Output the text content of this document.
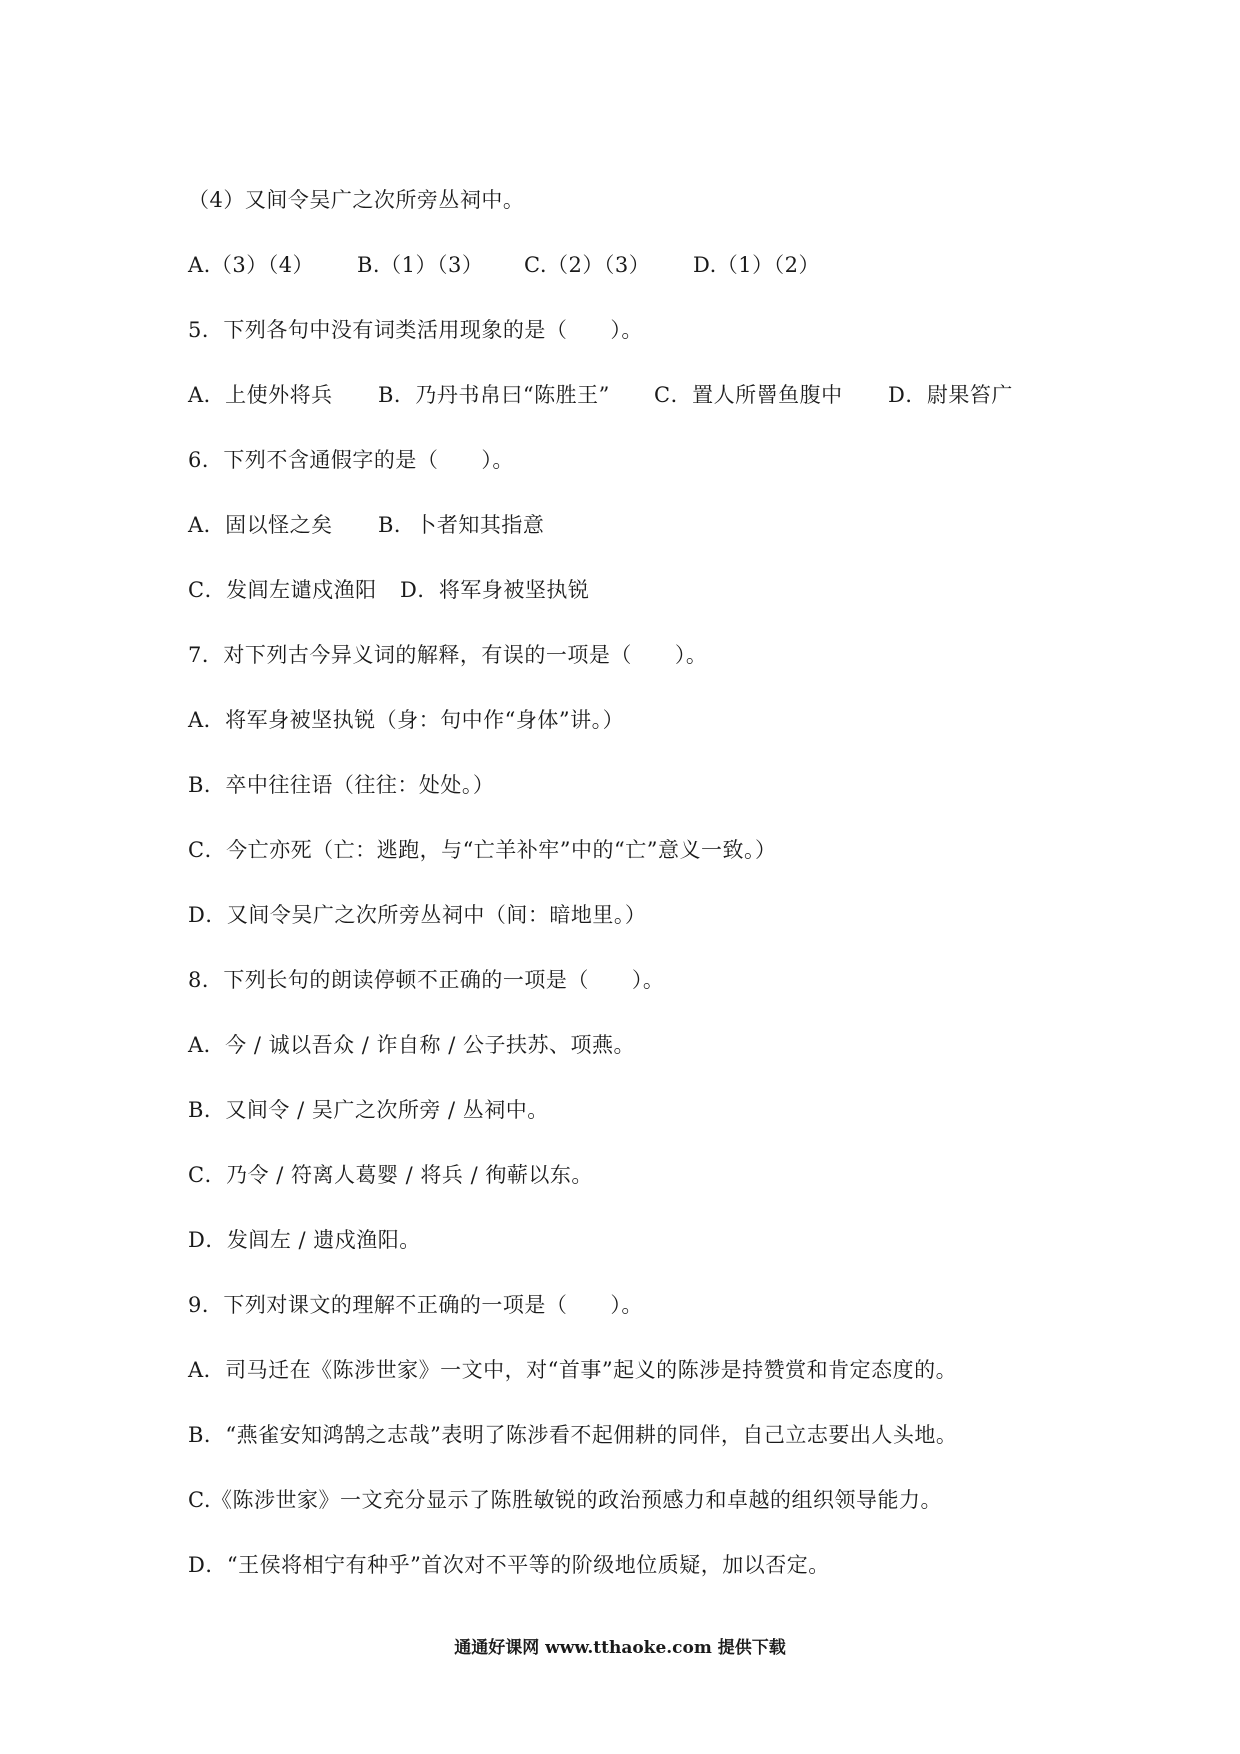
（4）又间令吴广之次所旁丛祠中。
A.（3）（4） B.（1）（3） C.（2）（3） D.（1）（2）
5．下列各句中没有词类活用现象的是（　　）。
A．上使外将兵 B．乃丹书帛曰“陈胜王” C．置人所罾鱼腹中 D．尉果笞广
6．下列不含通假字的是（　　）。
A．固以怪之矣 B．卜者知其指意
C．发闾左谴戍渔阳 D．将军身被坚执锐
7．对下列古今异义词的解释，有误的一项是（　　）。
A．将军身被坚执锐（身：句中作“身体”讲。）
B．卒中往往语（往往：处处。）
C．今亡亦死（亡：逃跑，与“亡羊补牢”中的“亡”意义一致。）
D．又间令吴广之次所旁丛祠中（间：暗地里。）
8．下列长句的朗读停顿不正确的一项是（　　）。
A．今 / 诚以吾众 / 诈自称 / 公子扶苏、项燕。
B．又间令 / 吴广之次所旁 / 丛祠中。
C．乃令 / 符离人葛婴 / 将兵 / 徇蕲以东。
D．发闾左 / 遗戍渔阳。
9．下列对课文的理解不正确的一项是（　　）。
A．司马迁在《陈涉世家》一文中，对“首事”起义的陈涉是持赞赏和肯定态度的。
B．“燕雀安知鸿鹄之志哉”表明了陈涉看不起佣耕的同伴，自己立志要出人头地。
C.《陈涉世家》一文充分显示了陈胜敏锐的政治预感力和卓越的组织领导能力。
D．“王侯将相宁有种乎”首次对不平等的阶级地位质疑，加以否定。
通通好课网 www.tthaoke.com 提供下载
